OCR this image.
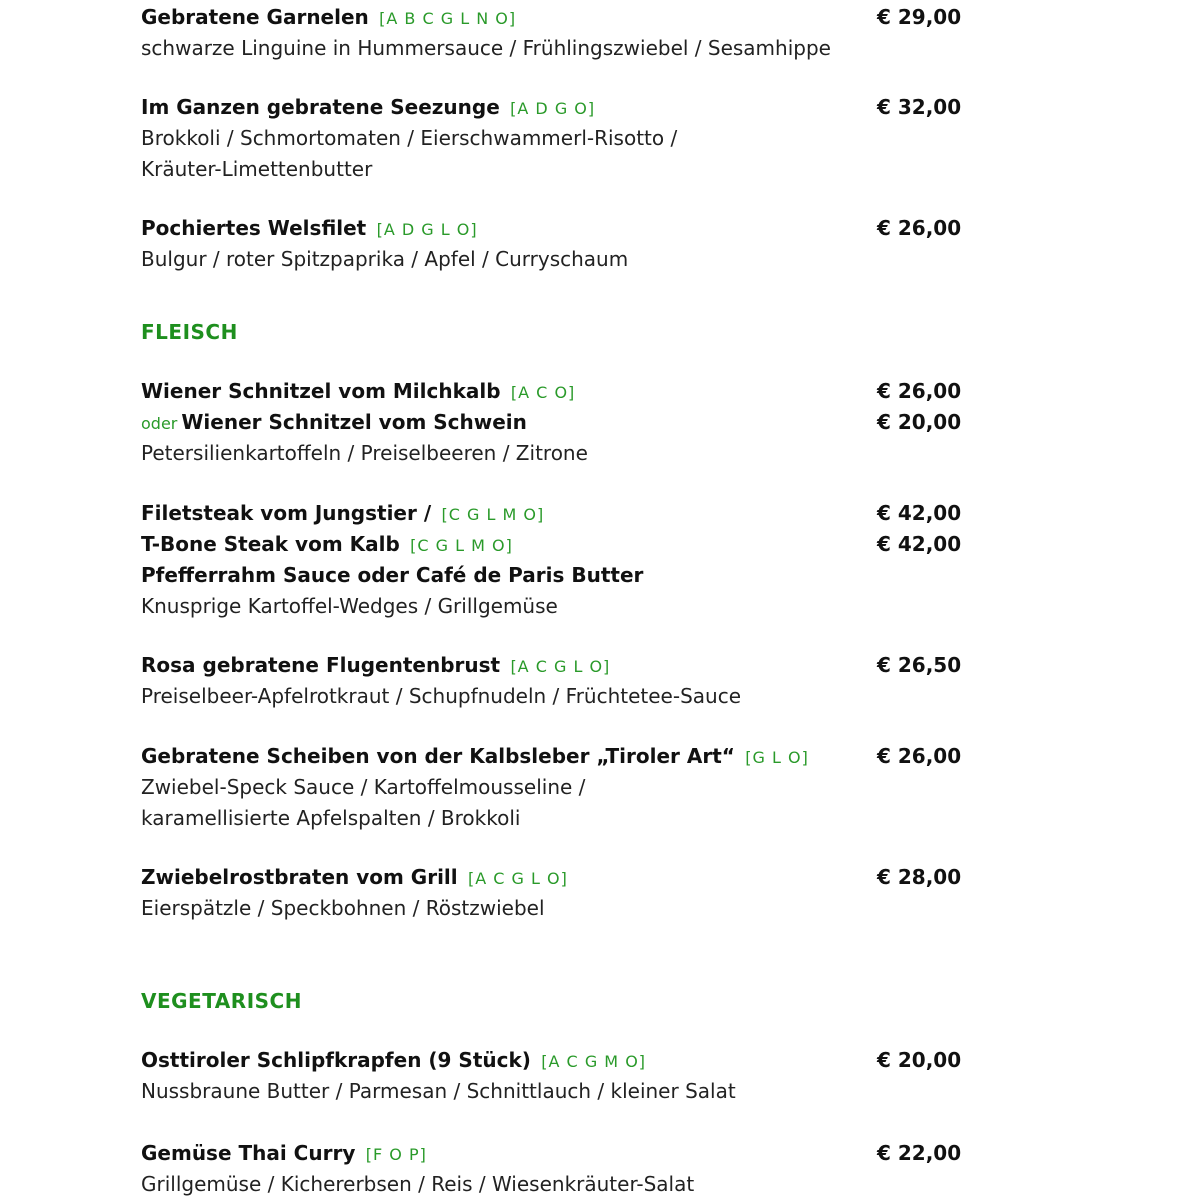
Gebratene Garnelen [A B C G L N O]	€ 29,00
schwarze Linguine in Hummersauce / Frühlingszwiebel / Sesamhippe
Im Ganzen gebratene Seezunge [A D G O]	€ 32,00
Brokkoli / Schmortomaten / Eierschwammerl-Risotto /
Kräuter-Limettenbutter
Pochiertes Welsfilet [A D G L O]	€ 26,00
Bulgur / roter Spitzpaprika / Apfel / Curryschaum
FLEISCH
Wiener Schnitzel vom Milchkalb [A C O]	€ 26,00
oder Wiener Schnitzel vom Schwein	€ 20,00
Petersilienkartoffeln / Preiselbeeren / Zitrone
Filetsteak vom Jungstier / [C G L M O]	€ 42,00
T-Bone Steak vom Kalb [C G L M O]	€ 42,00
Pfefferrahm Sauce oder Café de Paris Butter
Knusprige Kartoffel-Wedges / Grillgemüse
Rosa gebratene Flugentenbrust [A C G L O]	€ 26,50
Preiselbeer-Apfelrotkraut / Schupfnudeln / Früchtetee-Sauce
Gebratene Scheiben von der Kalbsleber „Tiroler Art“ [G L O]	€ 26,00
Zwiebel-Speck Sauce / Kartoffelmousseline /
karamellisierte Apfelspalten / Brokkoli
Zwiebelrostbraten vom Grill [A C G L O]	€ 28,00
Eierspätzle / Speckbohnen / Röstzwiebel
VEGETARISCH
Osttiroler Schlipfkrapfen (9 Stück) [A C G M O]	€ 20,00
Nussbraune Butter / Parmesan / Schnittlauch / kleiner Salat
Gemüse Thai Curry [F O P]	€ 22,00
Grillgemüse / Kichererbsen / Reis / Wiesenkräuter-Salat
